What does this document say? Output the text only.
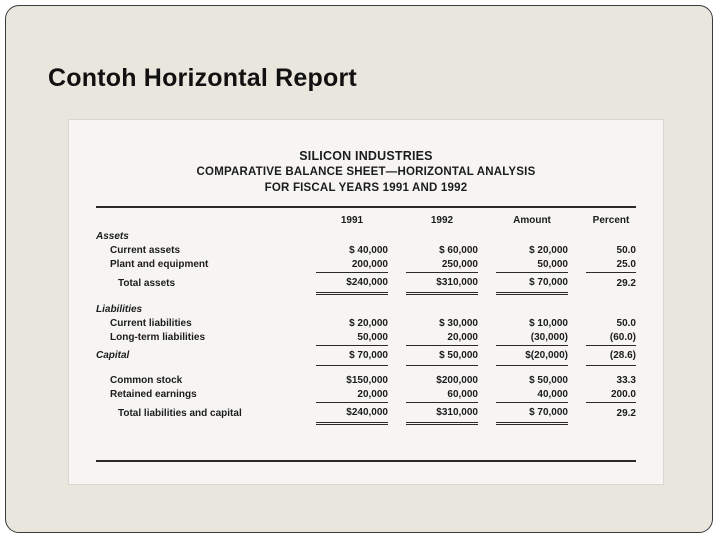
Contoh Horizontal Report
SILICON INDUSTRIES
COMPARATIVE BALANCE SHEET—HORIZONTAL ANALYSIS
FOR FISCAL YEARS 1991 AND 1992
	1991		1992		Amount		Percent
Assets							
Current assets	$ 40,000		$ 60,000		$ 20,000		50.0
Plant and equipment	200,000		250,000		50,000		25.0
Total assets	$240,000		$310,000		$ 70,000		29.2

Liabilities							
Current liabilities	$ 20,000		$ 30,000		$ 10,000		50.0
Long-term liabilities	50,000		20,000		(30,000)		(60.0)
Capital	$ 70,000		$ 50,000		$(20,000)		(28.6)

Common stock	$150,000		$200,000		$ 50,000		33.3
Retained earnings	20,000		60,000		40,000		200.0
Total liabilities and capital	$240,000		$310,000		$ 70,000		29.2
